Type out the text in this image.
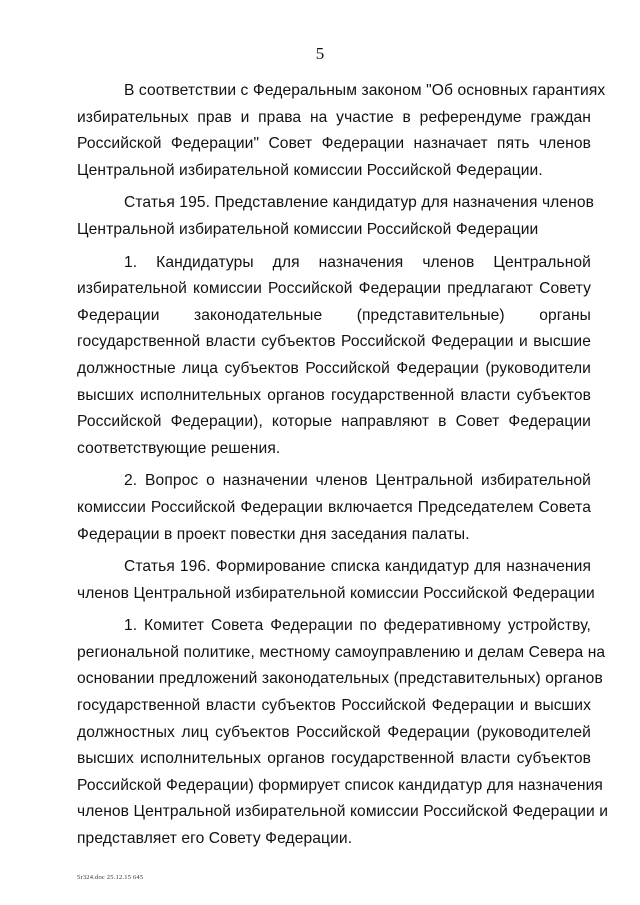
5
В соответствии с Федеральным законом "Об основных гарантиях
избирательных прав и права на участие в референдуме граждан
Российской Федерации" Совет Федерации назначает пять членов
Центральной избирательной комиссии Российской Федерации.
Статья 195. Представление кандидатур для назначения членов
Центральной избирательной комиссии Российской Федерации
1. Кандидатуры для назначения членов Центральной
избирательной комиссии Российской Федерации предлагают Совету
Федерации законодательные (представительные) органы
государственной власти субъектов Российской Федерации и высшие
должностные лица субъектов Российской Федерации (руководители
высших исполнительных органов государственной власти субъектов
Российской Федерации), которые направляют в Совет Федерации
соответствующие решения.
2. Вопрос о назначении членов Центральной избирательной
комиссии Российской Федерации включается Председателем Совета
Федерации в проект повестки дня заседания палаты.
Статья 196. Формирование списка кандидатур для назначения
членов Центральной избирательной комиссии Российской Федерации
1. Комитет Совета Федерации по федеративному устройству,
региональной политике, местному самоуправлению и делам Севера на
основании предложений законодательных (представительных) органов
государственной власти субъектов Российской Федерации и высших
должностных лиц субъектов Российской Федерации (руководителей
высших исполнительных органов государственной власти субъектов
Российской Федерации) формирует список кандидатур для назначения
членов Центральной избирательной комиссии Российской Федерации и
представляет его Совету Федерации.
5r324.doc 25.12.15 645
